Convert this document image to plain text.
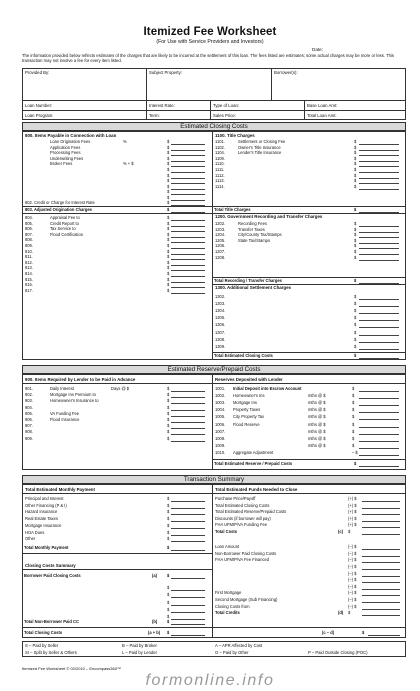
Itemized Fee Worksheet
(For Use with Service Providers and Investors)
Date:
The information provided below reflects estimates of the charges that are likely to be incurred at the settlement of this loan. The fees listed are estimates; some actual charges may be more or less. This transaction may not involve a fee for every item listed.
Provided By:	Subject Property:	Borrower(s):
Loan Number:	Interest Rate:	Type of Loan:	Base Loan Amt:
Loan Program:	Term:	Sales Price:	Total Loan Amt:
Estimated Closing Costs
Estimated Reserve/Prepaid Costs
Transaction Summary
Itemized Fee Worksheet © 02/2010 – Encompass360™
formonline.info
800. Items Payable in Connection with Loan
Loan Origination Fees	%	$
Application Fees	$
Processing Fees	$
Underwriting Fees	$
Broker Fees	% + $	$
$
$
$
$
$
$
802. Credit or Charge for Interest Rate	$
803. Adjusted Origination Charges	$
804.	Appraisal Fee to	$
805.	Credit Report to	$
806.	Tax Service to	$
807.	Flood Certification	$
808.	$
809.	$
810.	$
811.	$
812.	$
813.	$
814.	$
815.	$
816.	$
817.	$
1100. Title Charges
1101.	Settlement or Closing Fee	$
1102.	Owner's Title Insurance	$
1104.	Lender's Title Insurance	$
1109.	$
1110.	$
1111.	$
1112.	$
1113.	$
1114.	$
Total Title Charges	$
1200. Government Recording and Transfer Charges
1202.	Recording Fees	$
1203.	Transfer Taxes	$
1204.	City/County Tax/Stamps	$
1205.	State Tax/Stamps	$
1206.	$
1207.	$
1208.	$
Total Recording / Transfer Charges	$
1300. Additional Settlement Charges
1302.	$
1303.	$
1304.	$
1305.	$
1306.	$
1307.	$
1308.	$
1309.	$
Total Estimated Closing Costs	$
900. Items Required by Lender to be Paid in Advance
901.	Daily Interest	Days @ $	$
902.	Mortgage Ins Premium to	$
903.	Homeowner's Insurance to	$
904.	$
905.	VA Funding Fee	$
906.	Flood Insurance	$
907.	$
908.	$
909.	$
Reserves Deposited with Lender
1001. Initial Deposit into Escrow Account	$
1002. Homeowner's Ins	mths @ $	$
1003. Mortgage Ins	mths @ $	$
1004. Property Taxes	mths @ $	$
1005. City Property Tax	mths @ $	$
1006. Flood Reserve	mths @ $	$
1007.	mths @ $	$
1008.	mths @ $	$
1009.	mths @ $	$
1010. Aggregate Adjustment	– $
Total Estimated Reserve / Prepaid Costs	$
Total Estimated Monthly Payment
Principal and Interest	$
Other Financing (P & I)	$
Hazard Insurance	$
Real Estate Taxes	$
Mortgage Insurance	$
HOA Dues	$
Other	$
Total Monthly Payment	$
Closing Costs Summary
Borrower Paid Closing Costs	(a) $
$
$
$
$
$
Total Non-Borrower Paid CC	(b) $
Total Closing Costs	(a + b) $
Total Estimated Funds Needed to Close
Purchase Price/Payoff	(+) $
Total Estimated Closing Costs	(+) $
Total Estimated Reserve/Prepaid Costs	(+) $
Discounts (if borrower will pay)	(+) $
FHA UFMIP/VA Funding Fee	(+) $
Total Costs	(c) $
Loan Amount	(–) $
Non-Borrower Paid Closing Costs	(–) $
FHA UFMIP/VA Fee Financed	(–) $
(–) $
(–) $
(–) $
(–) $
First Mortgage	(–) $
Second Mortgage (Sub Financing)	(–) $
Closing Costs from	(–) $
Total Credits	(d) $
(c – d)	$
S – Paid by Seller	B – Paid by Broker	A – APR Affected by Cost
SI – Split by Seller & Others	L – Paid by Lender	O – Paid by Other	P – Paid Outside Closing (POC)
